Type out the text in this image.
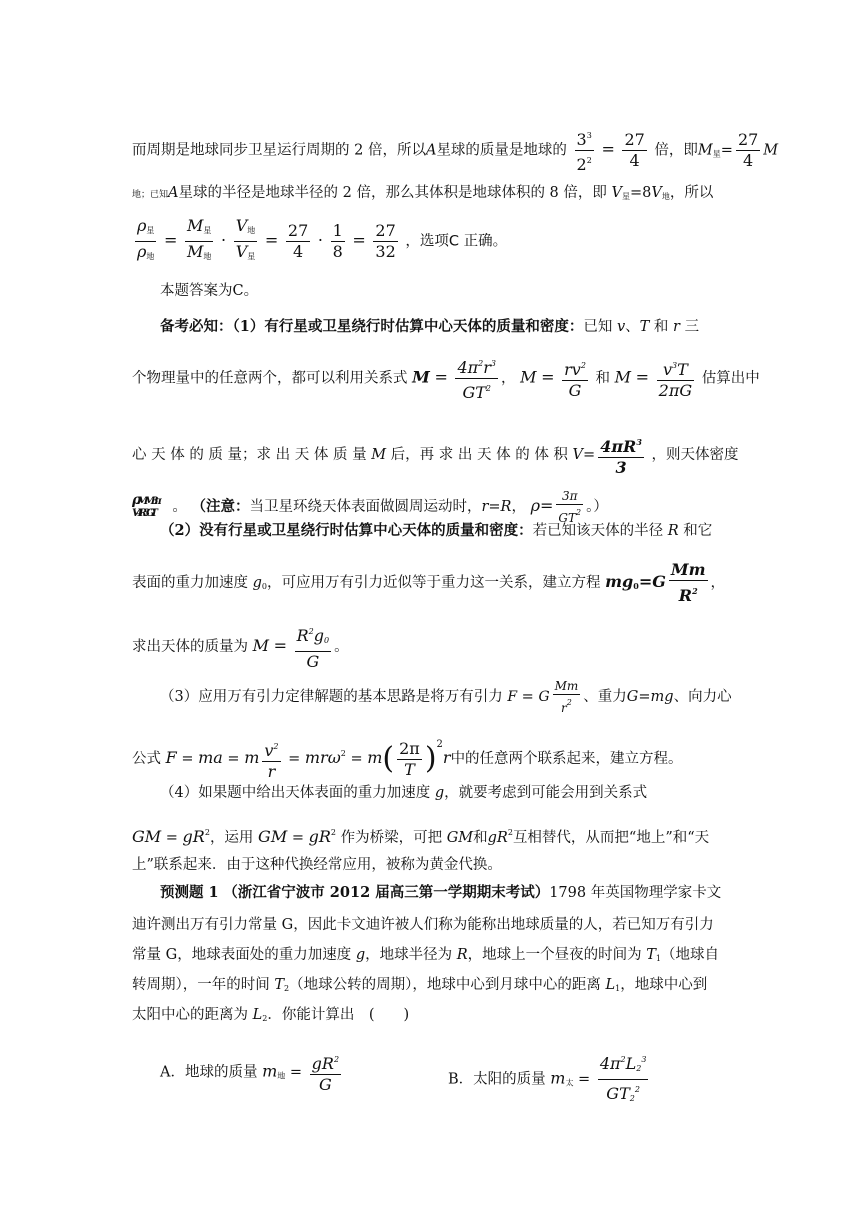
而周期是地球同步卫星运行周期的 2 倍，所以A星球的质量是地球的 $\frac{3^3}{2^2} = \frac{27}{4}$ 倍，即$M_星= \frac{27}{4}$ M
地；已知A星球的半径是地球半径的 2 倍，那么其体积是地球体积的 8 倍，即 $V_星=8V_地$，所以
$\frac{\rho_星}{\rho_地} = \frac{M_星}{M_地} \cdot \frac{V_地}{V_星} = \frac{27}{4} \cdot \frac{1}{8} = \frac{27}{32}$ ，选项C 正确。
本题答案为C。
备考必知：（1）有行星或卫星绕行时估算中心天体的质量和密度：已知 v、T 和 r 三
个物理量中的任意两个，都可以利用关系式 $M = \frac{4\pi^2r^3}{GT^2}$ ， $M = \frac{rv^2}{G}$ 和 $M = \frac{v^3T}{2\pi G}$ 估算出中
心 天 体 的 质 量；求 出 天 体 质 量 M 后，再 求 出 天 体 的 体 积 $V= \frac{4\pi R^3}{3}$ ，则天体密度
ρMM3π
V4R3GT 。 （注意：当卫星环绕天体表面做圆周运动时，r=R， $\rho= \frac{3\pi}{GT^2}$ 。）
（2）没有行星或卫星绕行时估算中心天体的质量和密度：若已知该天体的半径 R 和它
表面的重力加速度 $g_0$，可应用万有引力近似等于重力这一关系，建立方程 $mg_0=G \frac{Mm}{R^2}$ ，
求出天体的质量为 $M = \frac{R^2g_0}{G}$ 。
（3）应用万有引力定律解题的基本思路是将万有引力 F = G $\frac{Mm}{r^2}$ 、重力G=mg、向力心
公式 F = ma = m $\frac{v^2}{r} = mr\omega^2 = m( \frac{2\pi}{T} )^2r$中的任意两个联系起来，建立方程。
（4）如果题中给出天体表面的重力加速度 g，就要考虑到可能会用到关系式
GM = $gR^2$，运用 GM = $gR^2$ 作为桥梁，可把 GM和$gR^2$互相替代，从而把“地上”和“天
上”联系起来．由于这种代换经常应用，被称为黄金代换。
预测题 1 （浙江省宁波市 2012 届高三第一学期期末考试）1798 年英国物理学家卡文
迪许测出万有引力常量 G，因此卡文迪许被人们称为能称出地球质量的人，若已知万有引力
常量 G，地球表面处的重力加速度 g，地球半径为 R，地球上一个昼夜的时间为 $T_1$（地球自
转周期），一年的时间 $T_2$（地球公转的周期），地球中心到月球中心的距离 $L_1$，地球中心到
太阳中心的距离为 $L_2$．你能计算出　(　　)
A．地球的质量 $m_地 = \frac{gR^2}{G}$	B．太阳的质量 $m_太 = \frac{4\pi^2L_2^3}{GT_2^2}$
